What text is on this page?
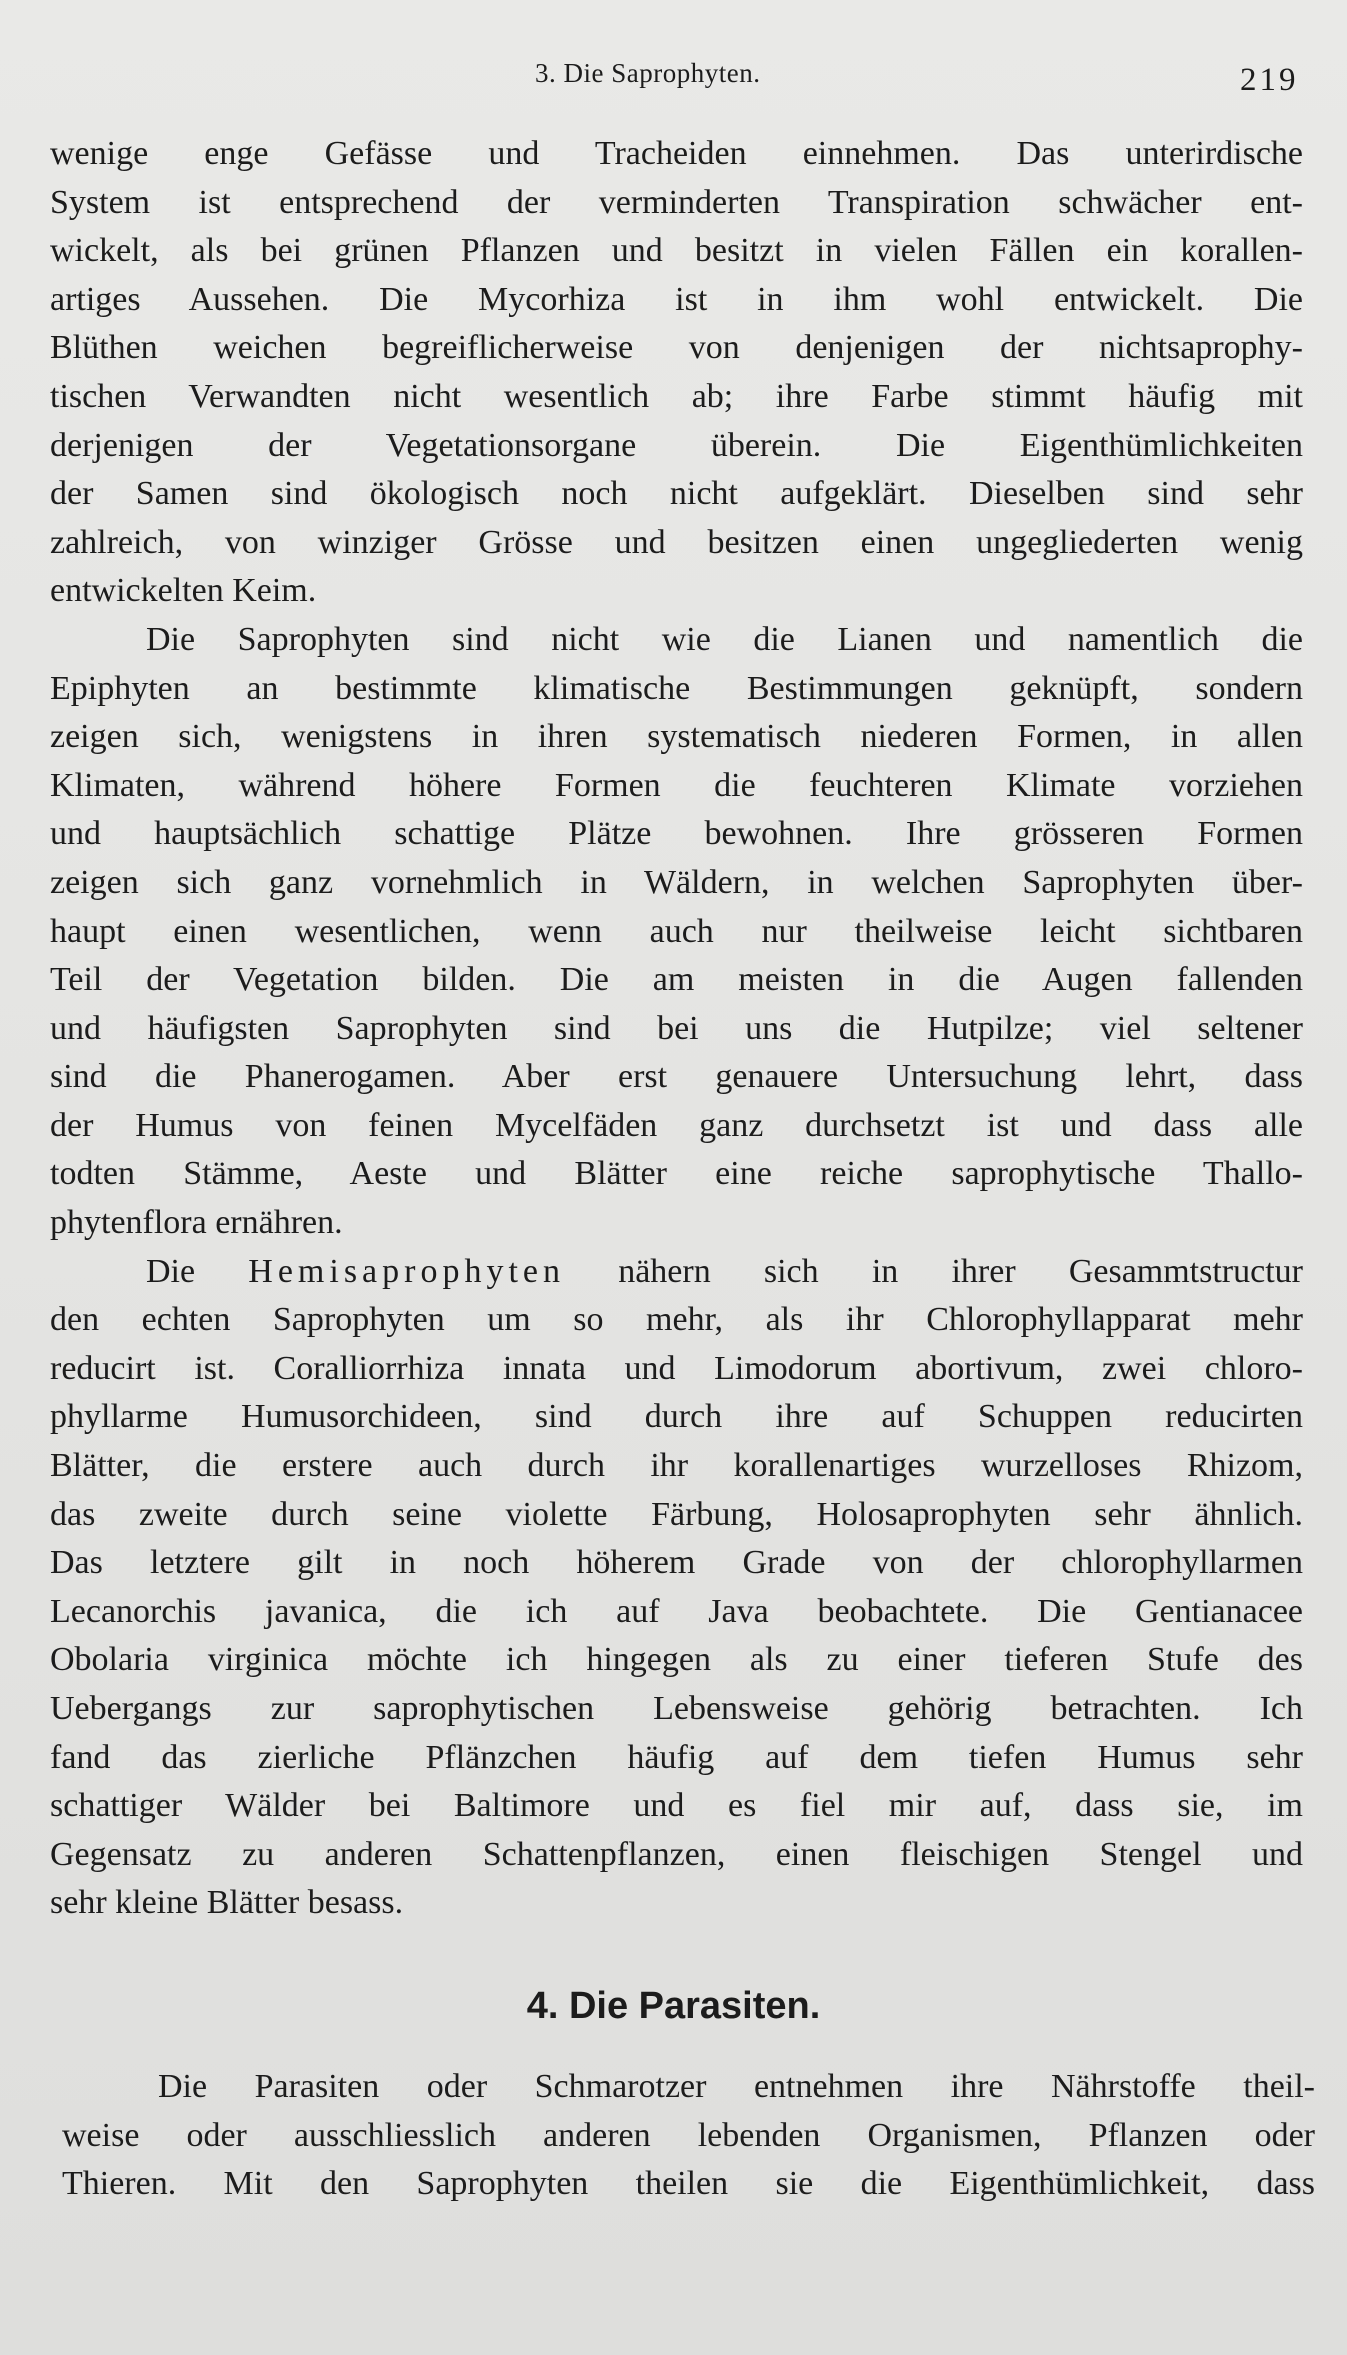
3. Die Saprophyten.	219
wenige enge Gefässe und Tracheiden einnehmen. Das unterirdische
System ist entsprechend der verminderten Transpiration schwächer ent-
wickelt, als bei grünen Pflanzen und besitzt in vielen Fällen ein korallen-
artiges Aussehen. Die Mycorhiza ist in ihm wohl entwickelt. Die
Blüthen weichen begreiflicherweise von denjenigen der nichtsaprophy-
tischen Verwandten nicht wesentlich ab; ihre Farbe stimmt häufig mit
derjenigen der Vegetationsorgane überein. Die Eigenthümlichkeiten
der Samen sind ökologisch noch nicht aufgeklärt. Dieselben sind sehr
zahlreich, von winziger Grösse und besitzen einen ungegliederten wenig
entwickelten Keim.
Die Saprophyten sind nicht wie die Lianen und namentlich die
Epiphyten an bestimmte klimatische Bestimmungen geknüpft, sondern
zeigen sich, wenigstens in ihren systematisch niederen Formen, in allen
Klimaten, während höhere Formen die feuchteren Klimate vorziehen
und hauptsächlich schattige Plätze bewohnen. Ihre grösseren Formen
zeigen sich ganz vornehmlich in Wäldern, in welchen Saprophyten über-
haupt einen wesentlichen, wenn auch nur theilweise leicht sichtbaren
Teil der Vegetation bilden. Die am meisten in die Augen fallenden
und häufigsten Saprophyten sind bei uns die Hutpilze; viel seltener
sind die Phanerogamen. Aber erst genauere Untersuchung lehrt, dass
der Humus von feinen Mycelfäden ganz durchsetzt ist und dass alle
todten Stämme, Aeste und Blätter eine reiche saprophytische Thallo-
phytenflora ernähren.
Die Hemisaprophyten nähern sich in ihrer Gesammtstructur
den echten Saprophyten um so mehr, als ihr Chlorophyllapparat mehr
reducirt ist. Coralliorrhiza innata und Limodorum abortivum, zwei chloro-
phyllarme Humusorchideen, sind durch ihre auf Schuppen reducirten
Blätter, die erstere auch durch ihr korallenartiges wurzelloses Rhizom,
das zweite durch seine violette Färbung, Holosaprophyten sehr ähnlich.
Das letztere gilt in noch höherem Grade von der chlorophyllarmen
Lecanorchis javanica, die ich auf Java beobachtete. Die Gentianacee
Obolaria virginica möchte ich hingegen als zu einer tieferen Stufe des
Uebergangs zur saprophytischen Lebensweise gehörig betrachten. Ich
fand das zierliche Pflänzchen häufig auf dem tiefen Humus sehr
schattiger Wälder bei Baltimore und es fiel mir auf, dass sie, im
Gegensatz zu anderen Schattenpflanzen, einen fleischigen Stengel und
sehr kleine Blätter besass.
4. Die Parasiten.
Die Parasiten oder Schmarotzer entnehmen ihre Nährstoffe theil-
weise oder ausschliesslich anderen lebenden Organismen, Pflanzen oder
Thieren. Mit den Saprophyten theilen sie die Eigenthümlichkeit, dass
